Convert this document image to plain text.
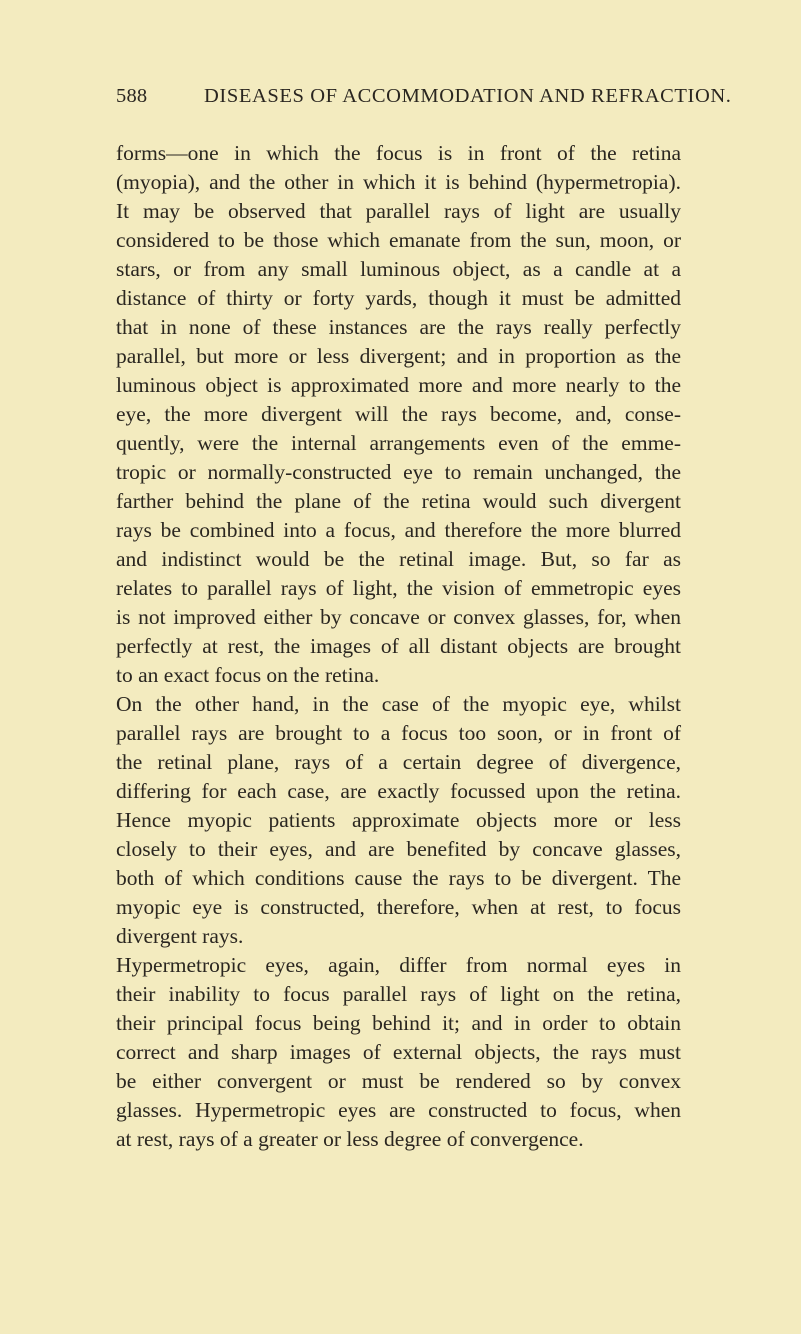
588	DISEASES OF ACCOMMODATION AND REFRACTION.
forms—one in which the focus is in front of the retina
(myopia), and the other in which it is behind (hypermetropia).
It may be observed that parallel rays of light are usually
considered to be those which emanate from the sun, moon, or
stars, or from any small luminous object, as a candle at a
distance of thirty or forty yards, though it must be admitted
that in none of these instances are the rays really perfectly
parallel, but more or less divergent; and in proportion as the
luminous object is approximated more and more nearly to the
eye, the more divergent will the rays become, and, conse-
quently, were the internal arrangements even of the emme-
tropic or normally-constructed eye to remain unchanged, the
farther behind the plane of the retina would such divergent
rays be combined into a focus, and therefore the more blurred
and indistinct would be the retinal image. But, so far as
relates to parallel rays of light, the vision of emmetropic eyes
is not improved either by concave or convex glasses, for, when
perfectly at rest, the images of all distant objects are brought
to an exact focus on the retina.
On the other hand, in the case of the myopic eye, whilst
parallel rays are brought to a focus too soon, or in front of
the retinal plane, rays of a certain degree of divergence,
differing for each case, are exactly focussed upon the retina.
Hence myopic patients approximate objects more or less
closely to their eyes, and are benefited by concave glasses,
both of which conditions cause the rays to be divergent. The
myopic eye is constructed, therefore, when at rest, to focus
divergent rays.
Hypermetropic eyes, again, differ from normal eyes in
their inability to focus parallel rays of light on the retina,
their principal focus being behind it; and in order to obtain
correct and sharp images of external objects, the rays must
be either convergent or must be rendered so by convex
glasses. Hypermetropic eyes are constructed to focus, when
at rest, rays of a greater or less degree of convergence.
